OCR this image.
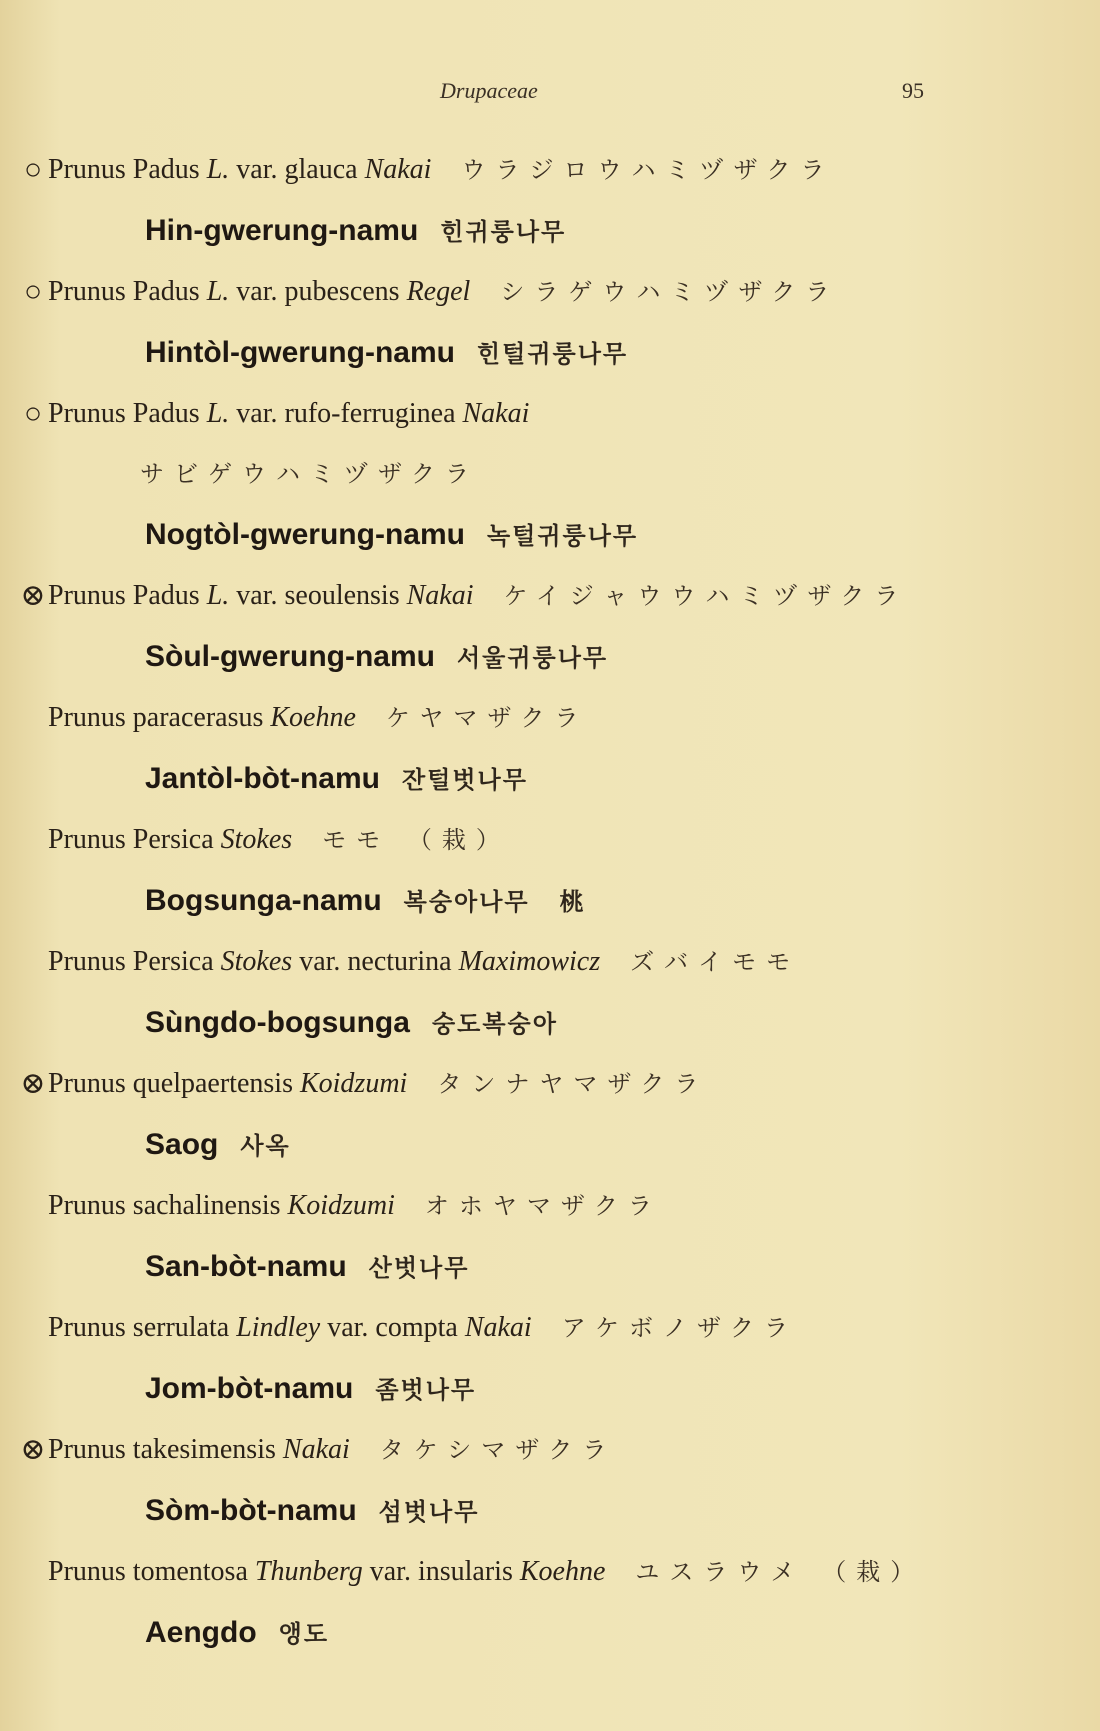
Drupaceae	95
○ Prunus Padus L. var. glauca Nakai ウラジロウハミヅザクラ
Hin-gwerung-namu 힌귀룽나무
○ Prunus Padus L. var. pubescens Regel シラゲウハミヅザクラ
Hintòl-gwerung-namu 힌털귀룽나무
○ Prunus Padus L. var. rufo-ferruginea Nakai
サビゲウハミヅザクラ
Nogtòl-gwerung-namu 녹털귀룽나무
⊗ Prunus Padus L. var. seoulensis Nakai ケイジャウウハミヅザクラ
Sòul-gwerung-namu 서울귀룽나무
Prunus paracerasus Koehne ケヤマザクラ
Jantòl-bòt-namu 잔털벗나무
Prunus Persica Stokes モモ （栽）
Bogsunga-namu 복숭아나무 桃
Prunus Persica Stokes var. necturina Maximowicz ズバイモモ
Sùngdo-bogsunga 숭도복숭아
⊗ Prunus quelpaertensis Koidzumi タンナヤマザクラ
Saog 사옥
Prunus sachalinensis Koidzumi オホヤマザクラ
San-bòt-namu 산벗나무
Prunus serrulata Lindley var. compta Nakai アケボノザクラ
Jom-bòt-namu 좀벗나무
⊗ Prunus takesimensis Nakai タケシマザクラ
Sòm-bòt-namu 섬벗나무
Prunus tomentosa Thunberg var. insularis Koehne ユスラウメ （栽）
Aengdo 앵도
